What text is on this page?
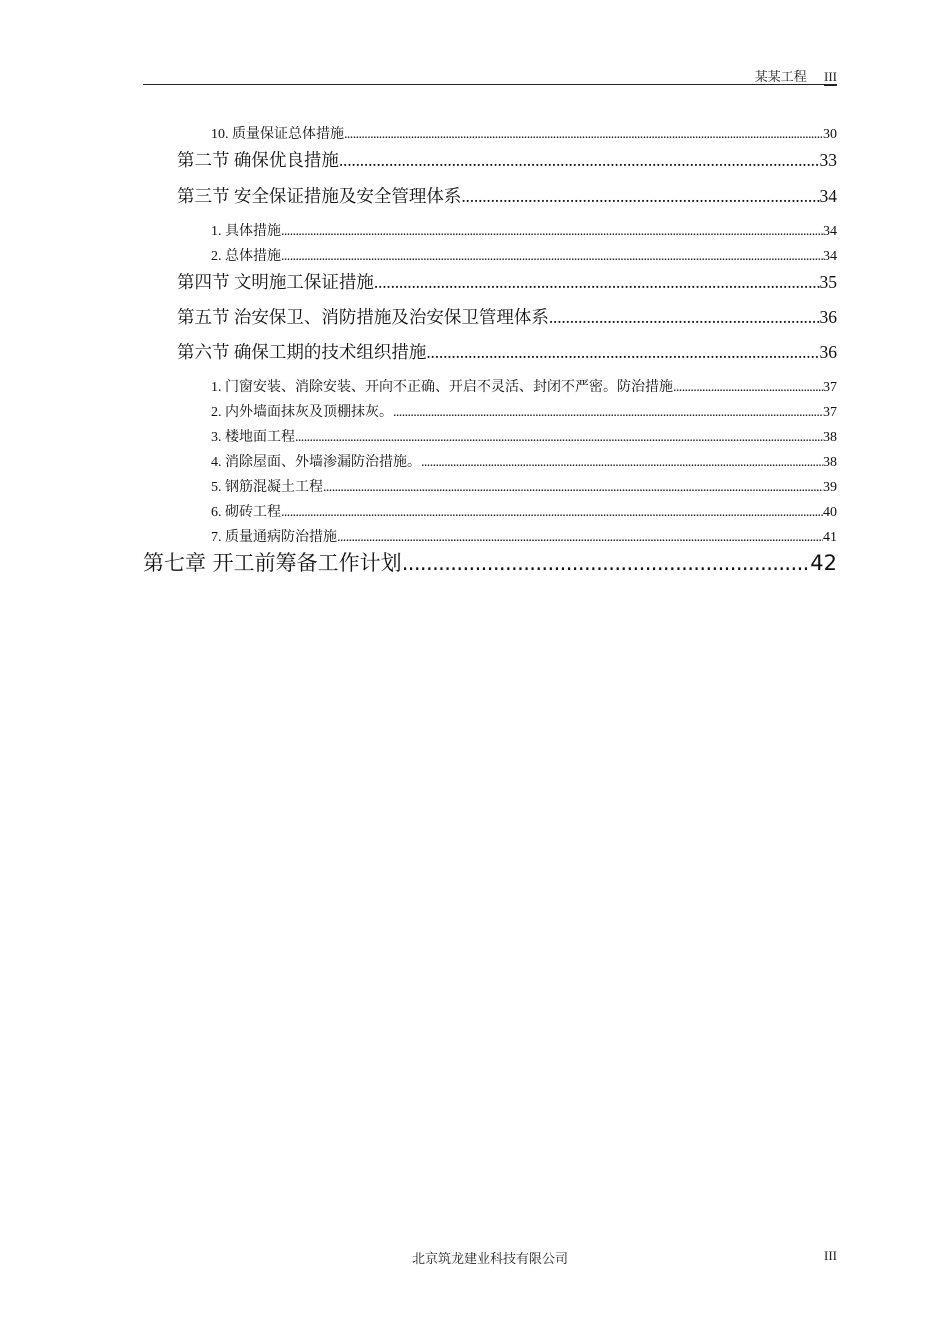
某某工程 III
10. 质量保证总体措施 .....	30
第二节 确保优良措施 .....	33
第三节 安全保证措施及安全管理体系 .....	34
1. 具体措施 .....	34
2. 总体措施 .....	34
第四节 文明施工保证措施 .....	35
第五节 治安保卫、消防措施及治安保卫管理体系 .....	36
第六节 确保工期的技术组织措施 .....	36
1. 门窗安装、消除安装、开向不正确、开启不灵活、封闭不严密。防治措施 .....	37
2. 内外墙面抹灰及顶棚抹灰。 .....	37
3. 楼地面工程 .....	38
4. 消除屋面、外墙渗漏防治措施。 .....	38
5. 钢筋混凝土工程 .....	39
6. 砌砖工程 .....	40
7. 质量通病防治措施 .....	41
第七章 开工前筹备工作计划 .....	42
北京筑龙建业科技有限公司	III
